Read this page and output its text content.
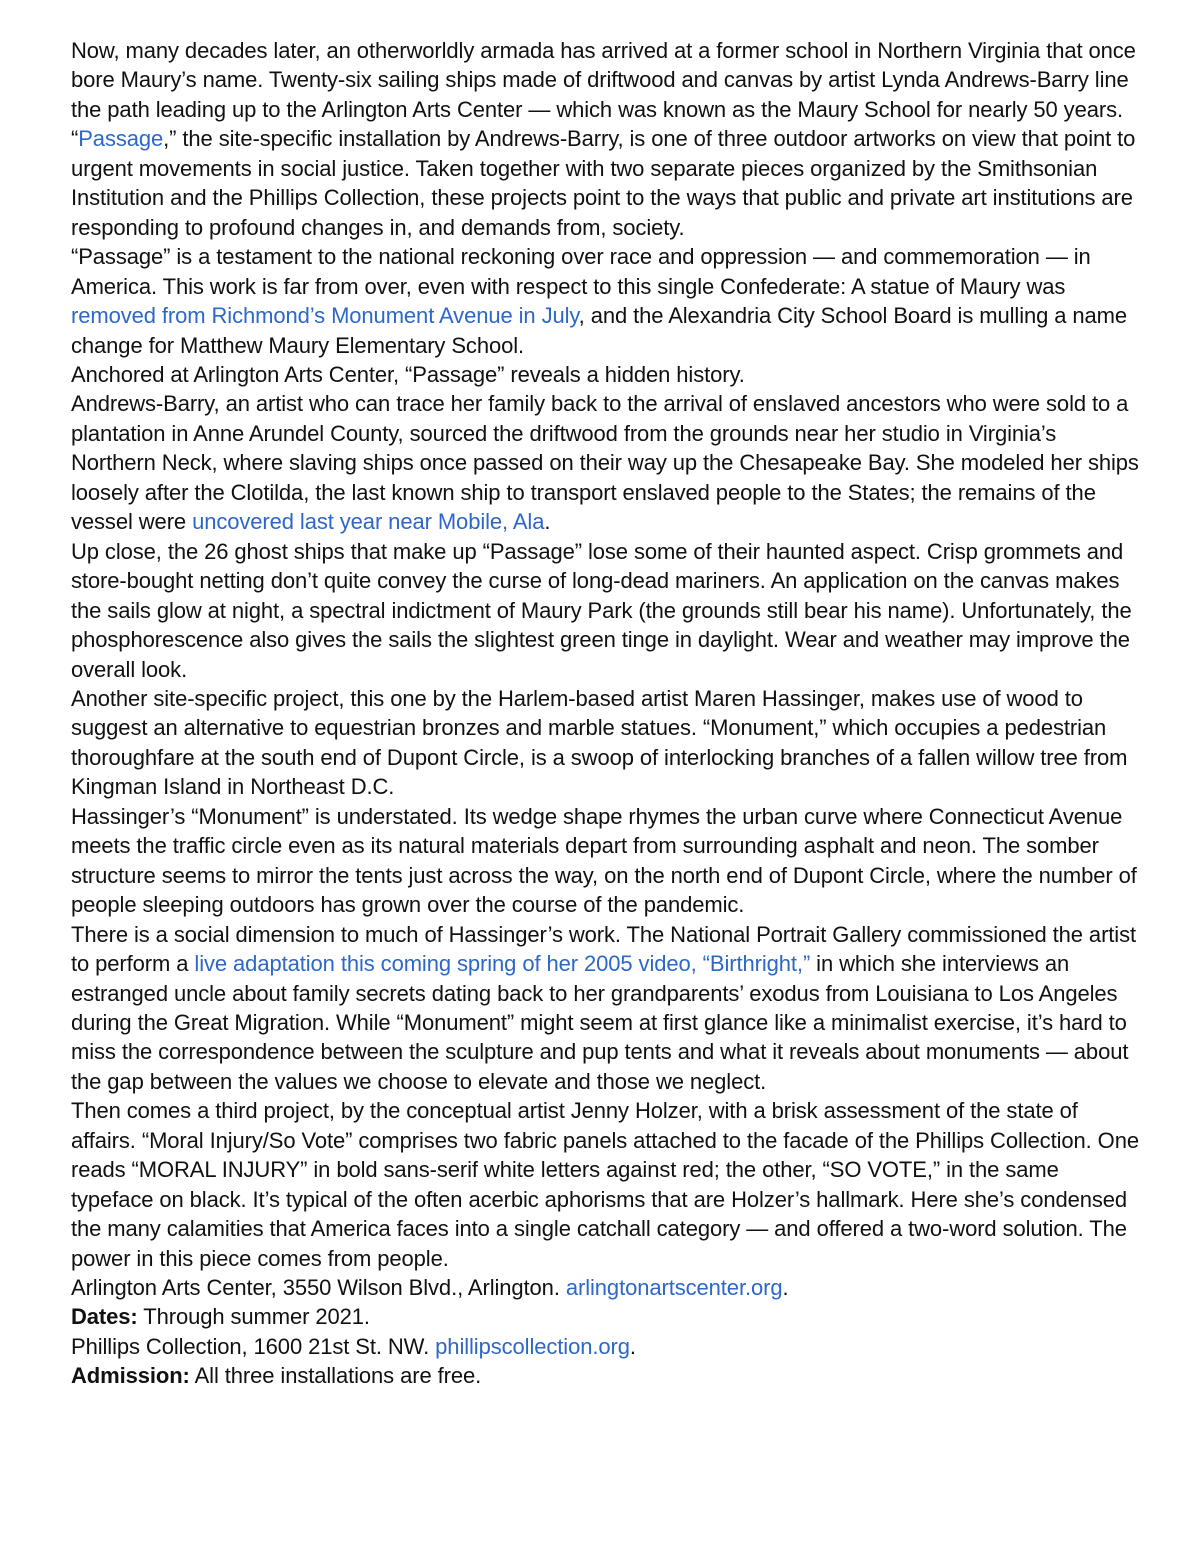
Now, many decades later, an otherworldly armada has arrived at a former school in Northern Virginia that once bore Maury’s name. Twenty-six sailing ships made of driftwood and canvas by artist Lynda Andrews-Barry line the path leading up to the Arlington Arts Center — which was known as the Maury School for nearly 50 years.

“Passage,” the site-specific installation by Andrews-Barry, is one of three outdoor artworks on view that point to urgent movements in social justice. Taken together with two separate pieces organized by the Smithsonian Institution and the Phillips Collection, these projects point to the ways that public and private art institutions are responding to profound changes in, and demands from, society.

“Passage” is a testament to the national reckoning over race and oppression — and commemoration — in America. This work is far from over, even with respect to this single Confederate: A statue of Maury was removed from Richmond’s Monument Avenue in July, and the Alexandria City School Board is mulling a name change for Matthew Maury Elementary School.

Anchored at Arlington Arts Center, “Passage” reveals a hidden history.

Andrews-Barry, an artist who can trace her family back to the arrival of enslaved ancestors who were sold to a plantation in Anne Arundel County, sourced the driftwood from the grounds near her studio in Virginia’s Northern Neck, where slaving ships once passed on their way up the Chesapeake Bay. She modeled her ships loosely after the Clotilda, the last known ship to transport enslaved people to the States; the remains of the vessel were uncovered last year near Mobile, Ala.

Up close, the 26 ghost ships that make up “Passage” lose some of their haunted aspect. Crisp grommets and store-bought netting don’t quite convey the curse of long-dead mariners. An application on the canvas makes the sails glow at night, a spectral indictment of Maury Park (the grounds still bear his name). Unfortunately, the phosphorescence also gives the sails the slightest green tinge in daylight. Wear and weather may improve the overall look.

Another site-specific project, this one by the Harlem-based artist Maren Hassinger, makes use of wood to suggest an alternative to equestrian bronzes and marble statues. “Monument,” which occupies a pedestrian thoroughfare at the south end of Dupont Circle, is a swoop of interlocking branches of a fallen willow tree from Kingman Island in Northeast D.C.

Hassinger’s “Monument” is understated. Its wedge shape rhymes the urban curve where Connecticut Avenue meets the traffic circle even as its natural materials depart from surrounding asphalt and neon. The somber structure seems to mirror the tents just across the way, on the north end of Dupont Circle, where the number of people sleeping outdoors has grown over the course of the pandemic.

There is a social dimension to much of Hassinger’s work. The National Portrait Gallery commissioned the artist to perform a live adaptation this coming spring of her 2005 video, “Birthright,” in which she interviews an estranged uncle about family secrets dating back to her grandparents’ exodus from Louisiana to Los Angeles during the Great Migration. While “Monument” might seem at first glance like a minimalist exercise, it’s hard to miss the correspondence between the sculpture and pup tents and what it reveals about monuments — about the gap between the values we choose to elevate and those we neglect.

Then comes a third project, by the conceptual artist Jenny Holzer, with a brisk assessment of the state of affairs. “Moral Injury/So Vote” comprises two fabric panels attached to the facade of the Phillips Collection. One reads “MORAL INJURY” in bold sans-serif white letters against red; the other, “SO VOTE,” in the same typeface on black. It’s typical of the often acerbic aphorisms that are Holzer’s hallmark. Here she’s condensed the many calamities that America faces into a single catchall category — and offered a two-word solution. The power in this piece comes from people.

Arlington Arts Center, 3550 Wilson Blvd., Arlington. arlingtonartscenter.org.

Dates: Through summer 2021.

Phillips Collection, 1600 21st St. NW. phillipscollection.org.

Admission: All three installations are free.
